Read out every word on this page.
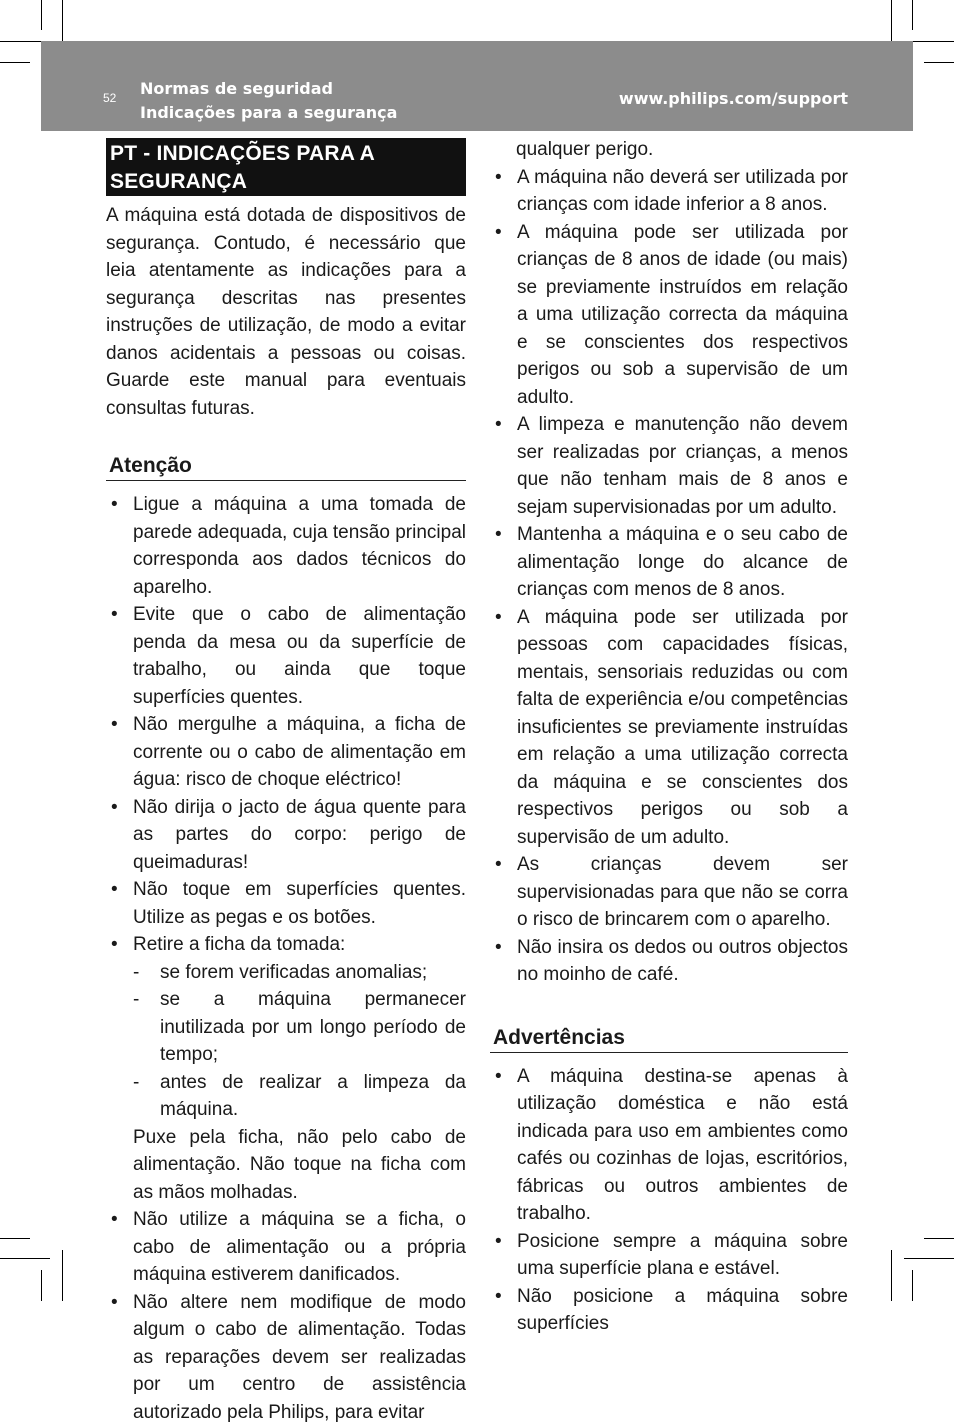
52 Normas de seguridad
Indicações para a segurança
www.philips.com/support
PT - INDICAÇÕES PARA A SEGURANÇA

A máquina está dotada de dispositivos de segurança. Contudo, é necessário que leia atentamente as indicações para a segurança descritas nas presentes instruções de utilização, de modo a evitar danos acidentais a pessoas ou coisas. Guarde este manual para eventuais consultas futuras.

Atenção
• Ligue a máquina a uma tomada de parede adequada, cuja tensão principal corresponda aos dados técnicos do aparelho.
• Evite que o cabo de alimentação penda da mesa ou da superfície de trabalho, ou ainda que toque superfícies quentes.
• Não mergulhe a máquina, a ficha de corrente ou o cabo de alimentação em água: risco de choque eléctrico!
• Não dirija o jacto de água quente para as partes do corpo: perigo de queimaduras!
• Não toque em superfícies quentes. Utilize as pegas e os botões.
• Retire a ficha da tomada:
- se forem verificadas anomalias;
- se a máquina permanecer inutilizada por um longo período de tempo;
- antes de realizar a limpeza da máquina.
Puxe pela ficha, não pelo cabo de alimentação. Não toque na ficha com as mãos molhadas.
• Não utilize a máquina se a ficha, o cabo de alimentação ou a própria máquina estiverem danificados.
• Não altere nem modifique de modo algum o cabo de alimentação. Todas as reparações devem ser realizadas por um centro de assistência autorizado pela Philips, para evitar
qualquer perigo.
• A máquina não deverá ser utilizada por crianças com idade inferior a 8 anos.
• A máquina pode ser utilizada por crianças de 8 anos de idade (ou mais) se previamente instruídos em relação a uma utilização correcta da máquina e se conscientes dos respectivos perigos ou sob a supervisão de um adulto.
• A limpeza e manutenção não devem ser realizadas por crianças, a menos que não tenham mais de 8 anos e sejam supervisionadas por um adulto.
• Mantenha a máquina e o seu cabo de alimentação longe do alcance de crianças com menos de 8 anos.
• A máquina pode ser utilizada por pessoas com capacidades físicas, mentais, sensoriais reduzidas ou com falta de experiência e/ou competências insuficientes se previamente instruídas em relação a uma utilização correcta da máquina e se conscientes dos respectivos perigos ou sob a supervisão de um adulto.
• As crianças devem ser supervisionadas para que não se corra o risco de brincarem com o aparelho.
• Não insira os dedos ou outros objectos no moinho de café.
Advertências
• A máquina destina-se apenas à utilização doméstica e não está indicada para uso em ambientes como cafés ou cozinhas de lojas, escritórios, fábricas ou outros ambientes de trabalho.
• Posicione sempre a máquina sobre uma superfície plana e estável.
• Não posicione a máquina sobre superfícies
